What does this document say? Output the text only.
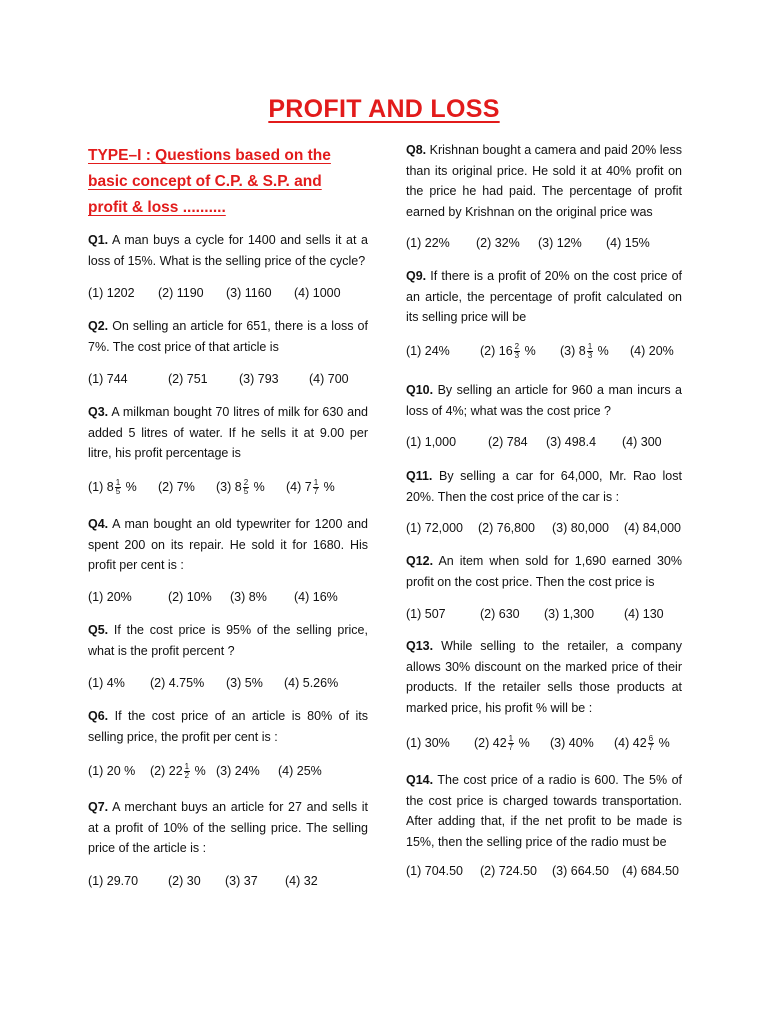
PROFIT AND LOSS
TYPE–I : Questions based on the basic concept of C.P. & S.P. and profit & loss ..........
Q1. A man buys a cycle for 1400 and sells it at a loss of 15%. What is the selling price of the cycle?
(1) 1202 (2) 1190 (3) 1160 (4) 1000
Q2. On selling an article for 651, there is a loss of 7%. The cost price of that article is
(1) 744	(2) 751	(3) 793 (4) 700
Q3. A milkman bought 70 litres of milk for 630 and added 5 litres of water. If he sells it at 9.00 per litre, his profit percentage is
(1) $8 \frac{1}{5}$ % (2) 7% (3) $8 \frac{2}{5}$ % (4) $7 \frac{1}{7}$ %
Q4. A man bought an old typewriter for 1200 and spent 200 on its repair. He sold it for 1680. His profit per cent is :
(1) 20%	(2) 10% (3) 8% (4) 16%
Q5. If the cost price is 95% of the selling price, what is the profit percent ?
(1) 4% (2) 4.75% (3) 5% (4) 5.26%
Q6. If the cost price of an article is 80% of its selling price, the profit per cent is :
(1) 20 % (2) $22 \frac{1}{2}$ % (3) 24% (4) 25%
Q7. A merchant buys an article for 27 and sells it at a profit of 10% of the selling price. The selling price of the article is :
(1) 29.70 (2) 30 (3) 37 (4) 32
Q8. Krishnan bought a camera and paid 20% less than its original price. He sold it at 40% profit on the price he had paid. The percentage of profit earned by Krishnan on the original price was
(1) 22% (2) 32% (3) 12% (4) 15%
Q9. If there is a profit of 20% on the cost price of an article, the percentage of profit calculated on its selling price will be
(1) 24% (2) $16 \frac{2}{3}$ % (3) $8 \frac{1}{3}$ % (4) 20%
Q10. By selling an article for 960 a man incurs a loss of 4%; what was the cost price ?
(1) 1,000	(2) 784 (3) 498.4 (4) 300
Q11. By selling a car for 64,000, Mr. Rao lost 20%. Then the cost price of the car is :
(1) 72,000 (2) 76,800 (3) 80,000 (4) 84,000
Q12. An item when sold for 1,690 earned 30% profit on the cost price. Then the cost price is
(1) 507	(2) 630 (3) 1,300 (4) 130
Q13. While selling to the retailer, a company allows 30% discount on the marked price of their products. If the retailer sells those products at marked price, his profit % will be :
(1) 30% (2) $42 \frac{1}{7}$ % (3) 40% (4) $42 \frac{6}{7}$ %
Q14. The cost price of a radio is 600. The 5% of the cost price is charged towards transportation. After adding that, if the net profit to be made is 15%, then the selling price of the radio must be
(1) 704.50 (2) 724.50 (3) 664.50 (4) 684.50
